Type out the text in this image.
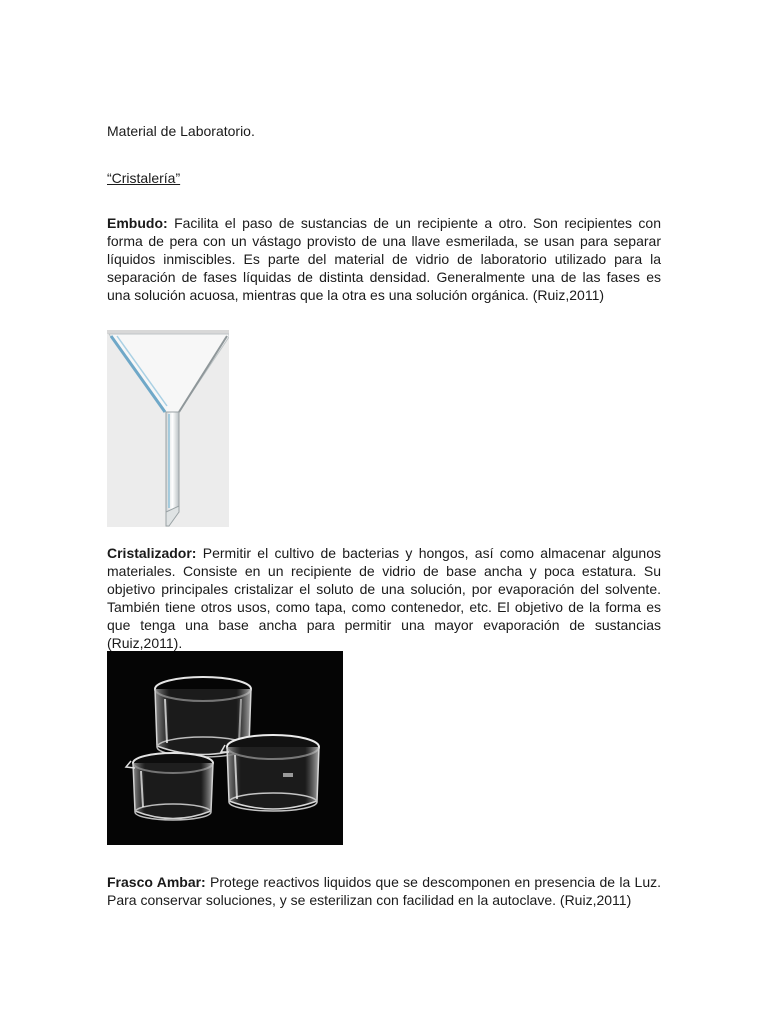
Material de Laboratorio.
“Cristalería”
Embudo: Facilita el paso de sustancias de un recipiente a otro. Son recipientes con forma de pera con un vástago provisto de una llave esmerilada, se usan para separar líquidos inmiscibles. Es parte del material de vidrio de laboratorio utilizado para la separación de fases líquidas de distinta densidad. Generalmente una de las fases es una solución acuosa, mientras que la otra es una solución orgánica. (Ruiz,2011)
Cristalizador: Permitir el cultivo de bacterias y hongos, así como almacenar algunos materiales. Consiste en un recipiente de vidrio de base ancha y poca estatura. Su objetivo principales cristalizar el soluto de una solución, por evaporación del solvente. También tiene otros usos, como tapa, como contenedor, etc. El objetivo de la forma es que tenga una base ancha para permitir una mayor evaporación de sustancias (Ruiz,2011).
Frasco Ambar: Protege reactivos liquidos que se descomponen en presencia de la Luz. Para conservar soluciones, y se esterilizan con facilidad en la autoclave. (Ruiz,2011)
